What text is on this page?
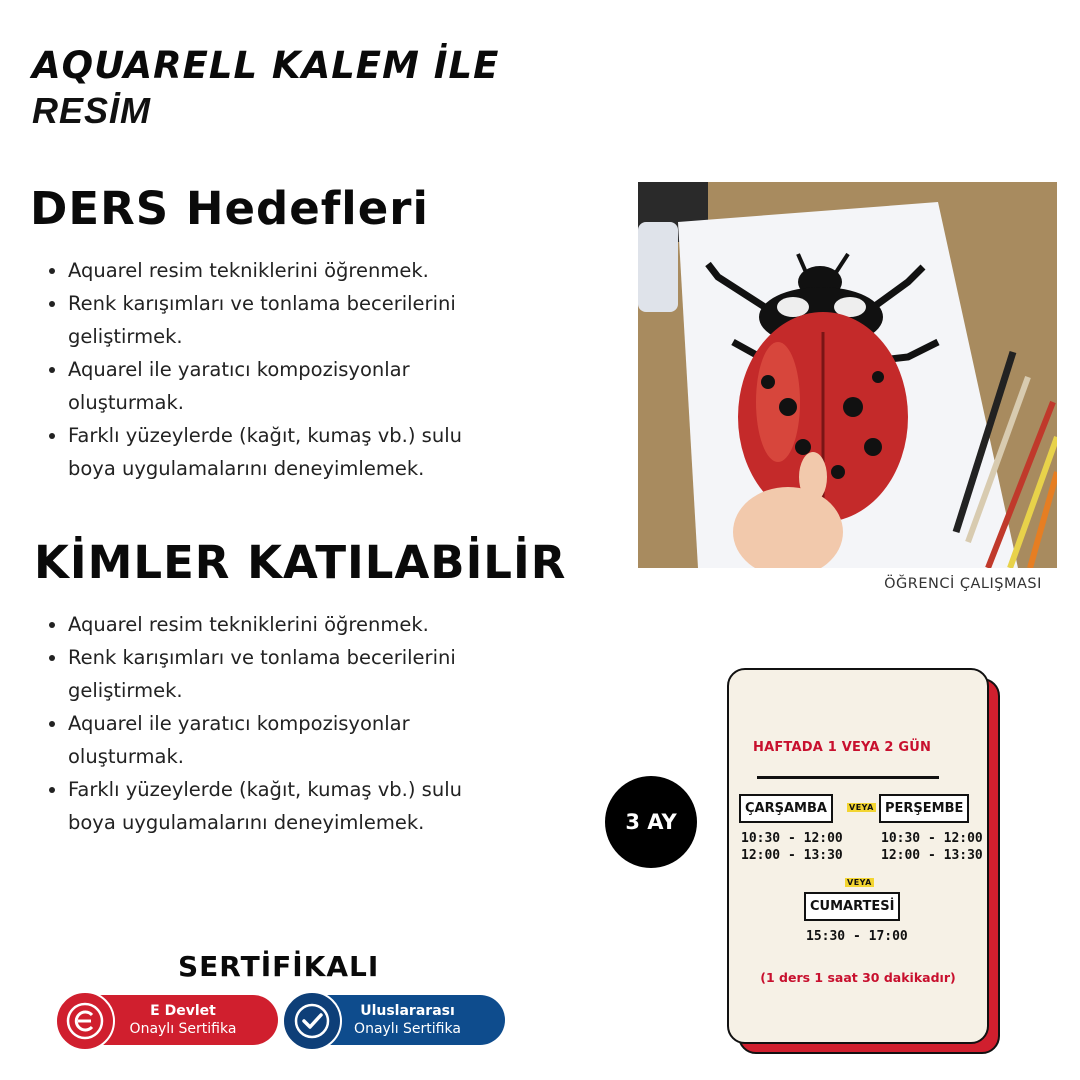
AQUARELL KALEM İLE
RESİM
DERS Hedefleri
Aquarel resim tekniklerini öğrenmek.
Renk karışımları ve tonlama becerilerini geliştirmek.
Aquarel ile yaratıcı kompozisyonlar oluşturmak.
Farklı yüzeylerde (kağıt, kumaş vb.) sulu boya uygulamalarını deneyimlemek.
KİMLER KATILABİLİR
Aquarel resim tekniklerini öğrenmek.
Renk karışımları ve tonlama becerilerini geliştirmek.
Aquarel ile yaratıcı kompozisyonlar oluşturmak.
Farklı yüzeylerde (kağıt, kumaş vb.) sulu boya uygulamalarını deneyimlemek.
ÖĞRENCİ ÇALIŞMASI
3 AY
HAFTADA 1 VEYA 2 GÜN
ÇARŞAMBA	VEYA PERŞEMBE
10:30 - 12:00
12:00 - 13:30
10:30 - 12:00
12:00 - 13:30
VEYA
CUMARTESİ
15:30 - 17:00
(1 ders 1 saat 30 dakikadır)
SERTİFİKALI
E Devlet
Onaylı Sertifika
Uluslararası
Onaylı Sertifika
